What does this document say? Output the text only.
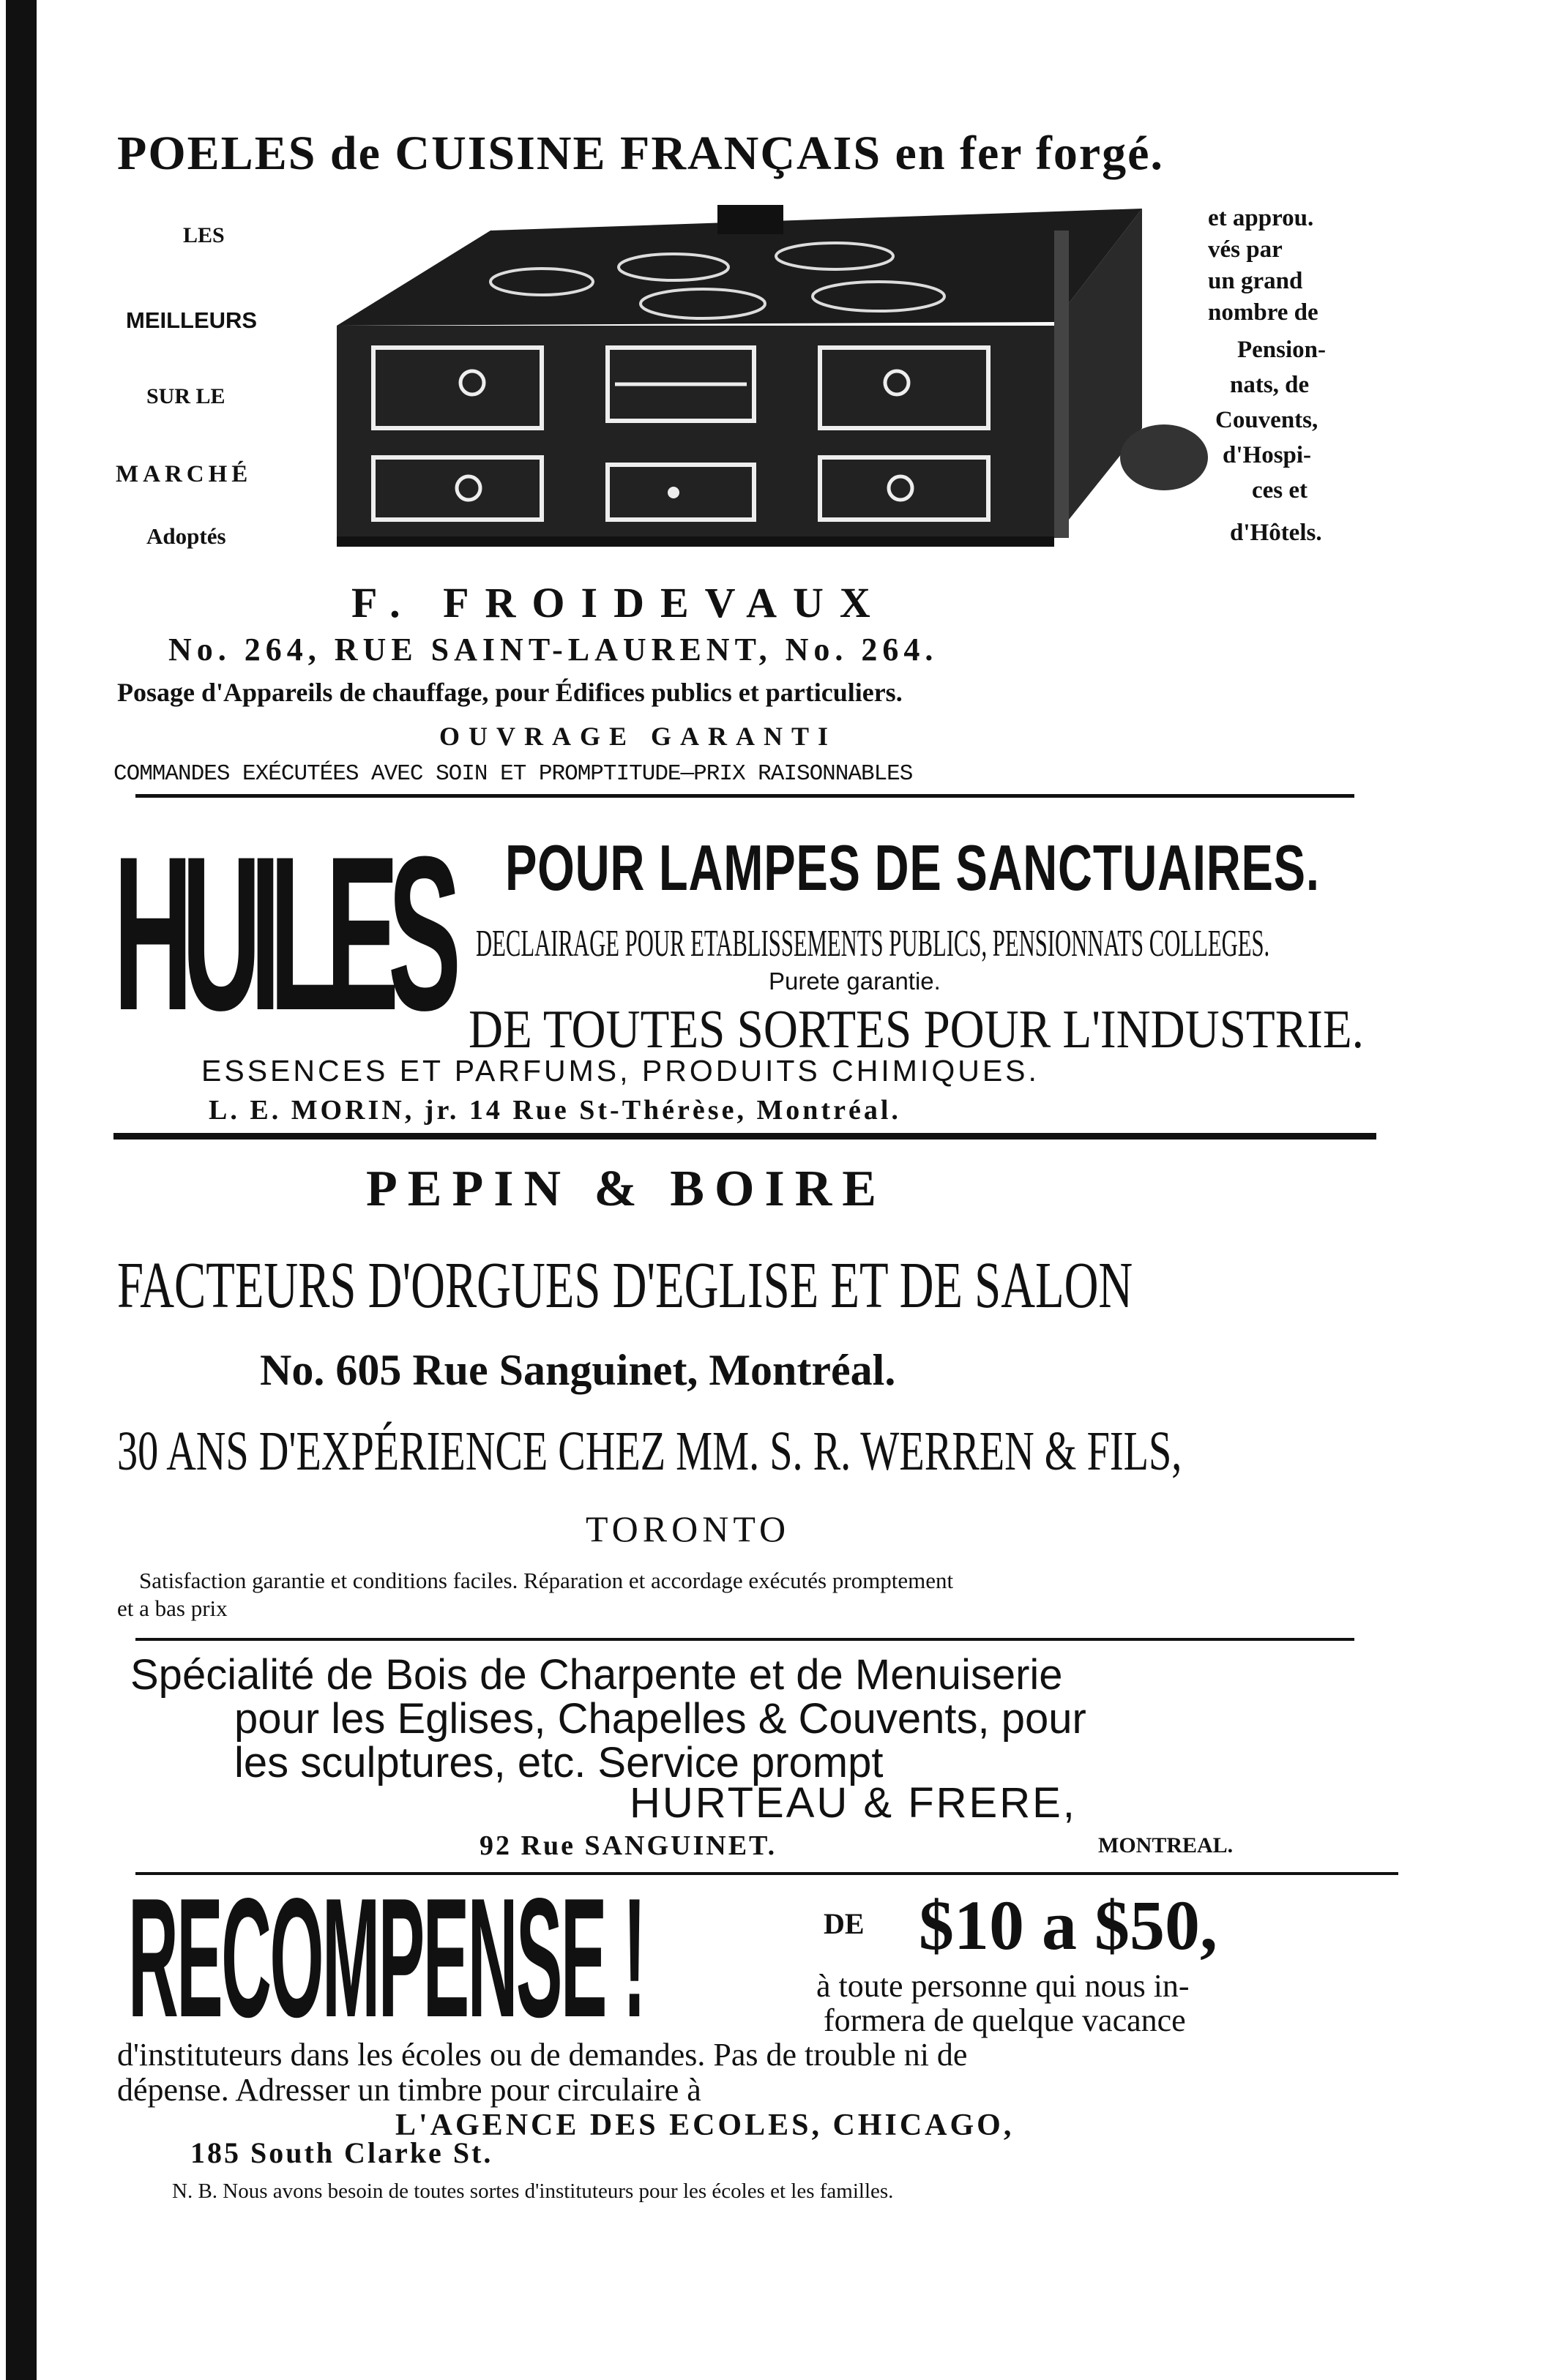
POELES de CUISINE FRANÇAIS en fer forgé.
LES
MEILLEURS
SUR LE
MARCHÉ
Adoptés
et approu.
vés par
un grand
nombre de
Pension-
nats, de
Couvents,
d'Hospi-
ces et
d'Hôtels.
F. FROIDEVAUX
No. 264, RUE SAINT-LAURENT, No. 264.
Posage d'Appareils de chauffage, pour Édifices publics et particuliers.
OUVRAGE GARANTI
COMMANDES EXÉCUTÉES AVEC SOIN ET PROMPTITUDE—PRIX RAISONNABLES
HUILES POUR LAMPES DE SANCTUAIRES.
DECLAIRAGE POUR ETABLISSEMENTS PUBLICS, PENSIONNATS COLLEGES.
Purete garantie.
DE TOUTES SORTES POUR L'INDUSTRIE.
ESSENCES ET PARFUMS, PRODUITS CHIMIQUES.
L. E. MORIN, jr. 14 Rue St-Thérèse, Montréal.
PEPIN & BOIRE
FACTEURS D'ORGUES D'EGLISE ET DE SALON
No. 605 Rue Sanguinet, Montréal.
30 ANS D'EXPÉRIENCE CHEZ MM. S. R. WERREN & FILS,
TORONTO
Satisfaction garantie et conditions faciles. Réparation et accordage exécutés promptement
et a bas prix
Spécialité de Bois de Charpente et de Menuiserie
pour les Eglises, Chapelles & Couvents, pour
les sculptures, etc. Service prompt
HURTEAU & FRERE,
92 Rue SANGUINET.	MONTREAL.
RECOMPENSE !	DE $10 a $50,
à toute personne qui nous in-
formera de quelque vacance
d'instituteurs dans les écoles ou de demandes. Pas de trouble ni de
dépense. Adresser un timbre pour circulaire à
L'AGENCE DES ECOLES, CHICAGO,
185 South Clarke St.
N. B. Nous avons besoin de toutes sortes d'instituteurs pour les écoles et les familles.
